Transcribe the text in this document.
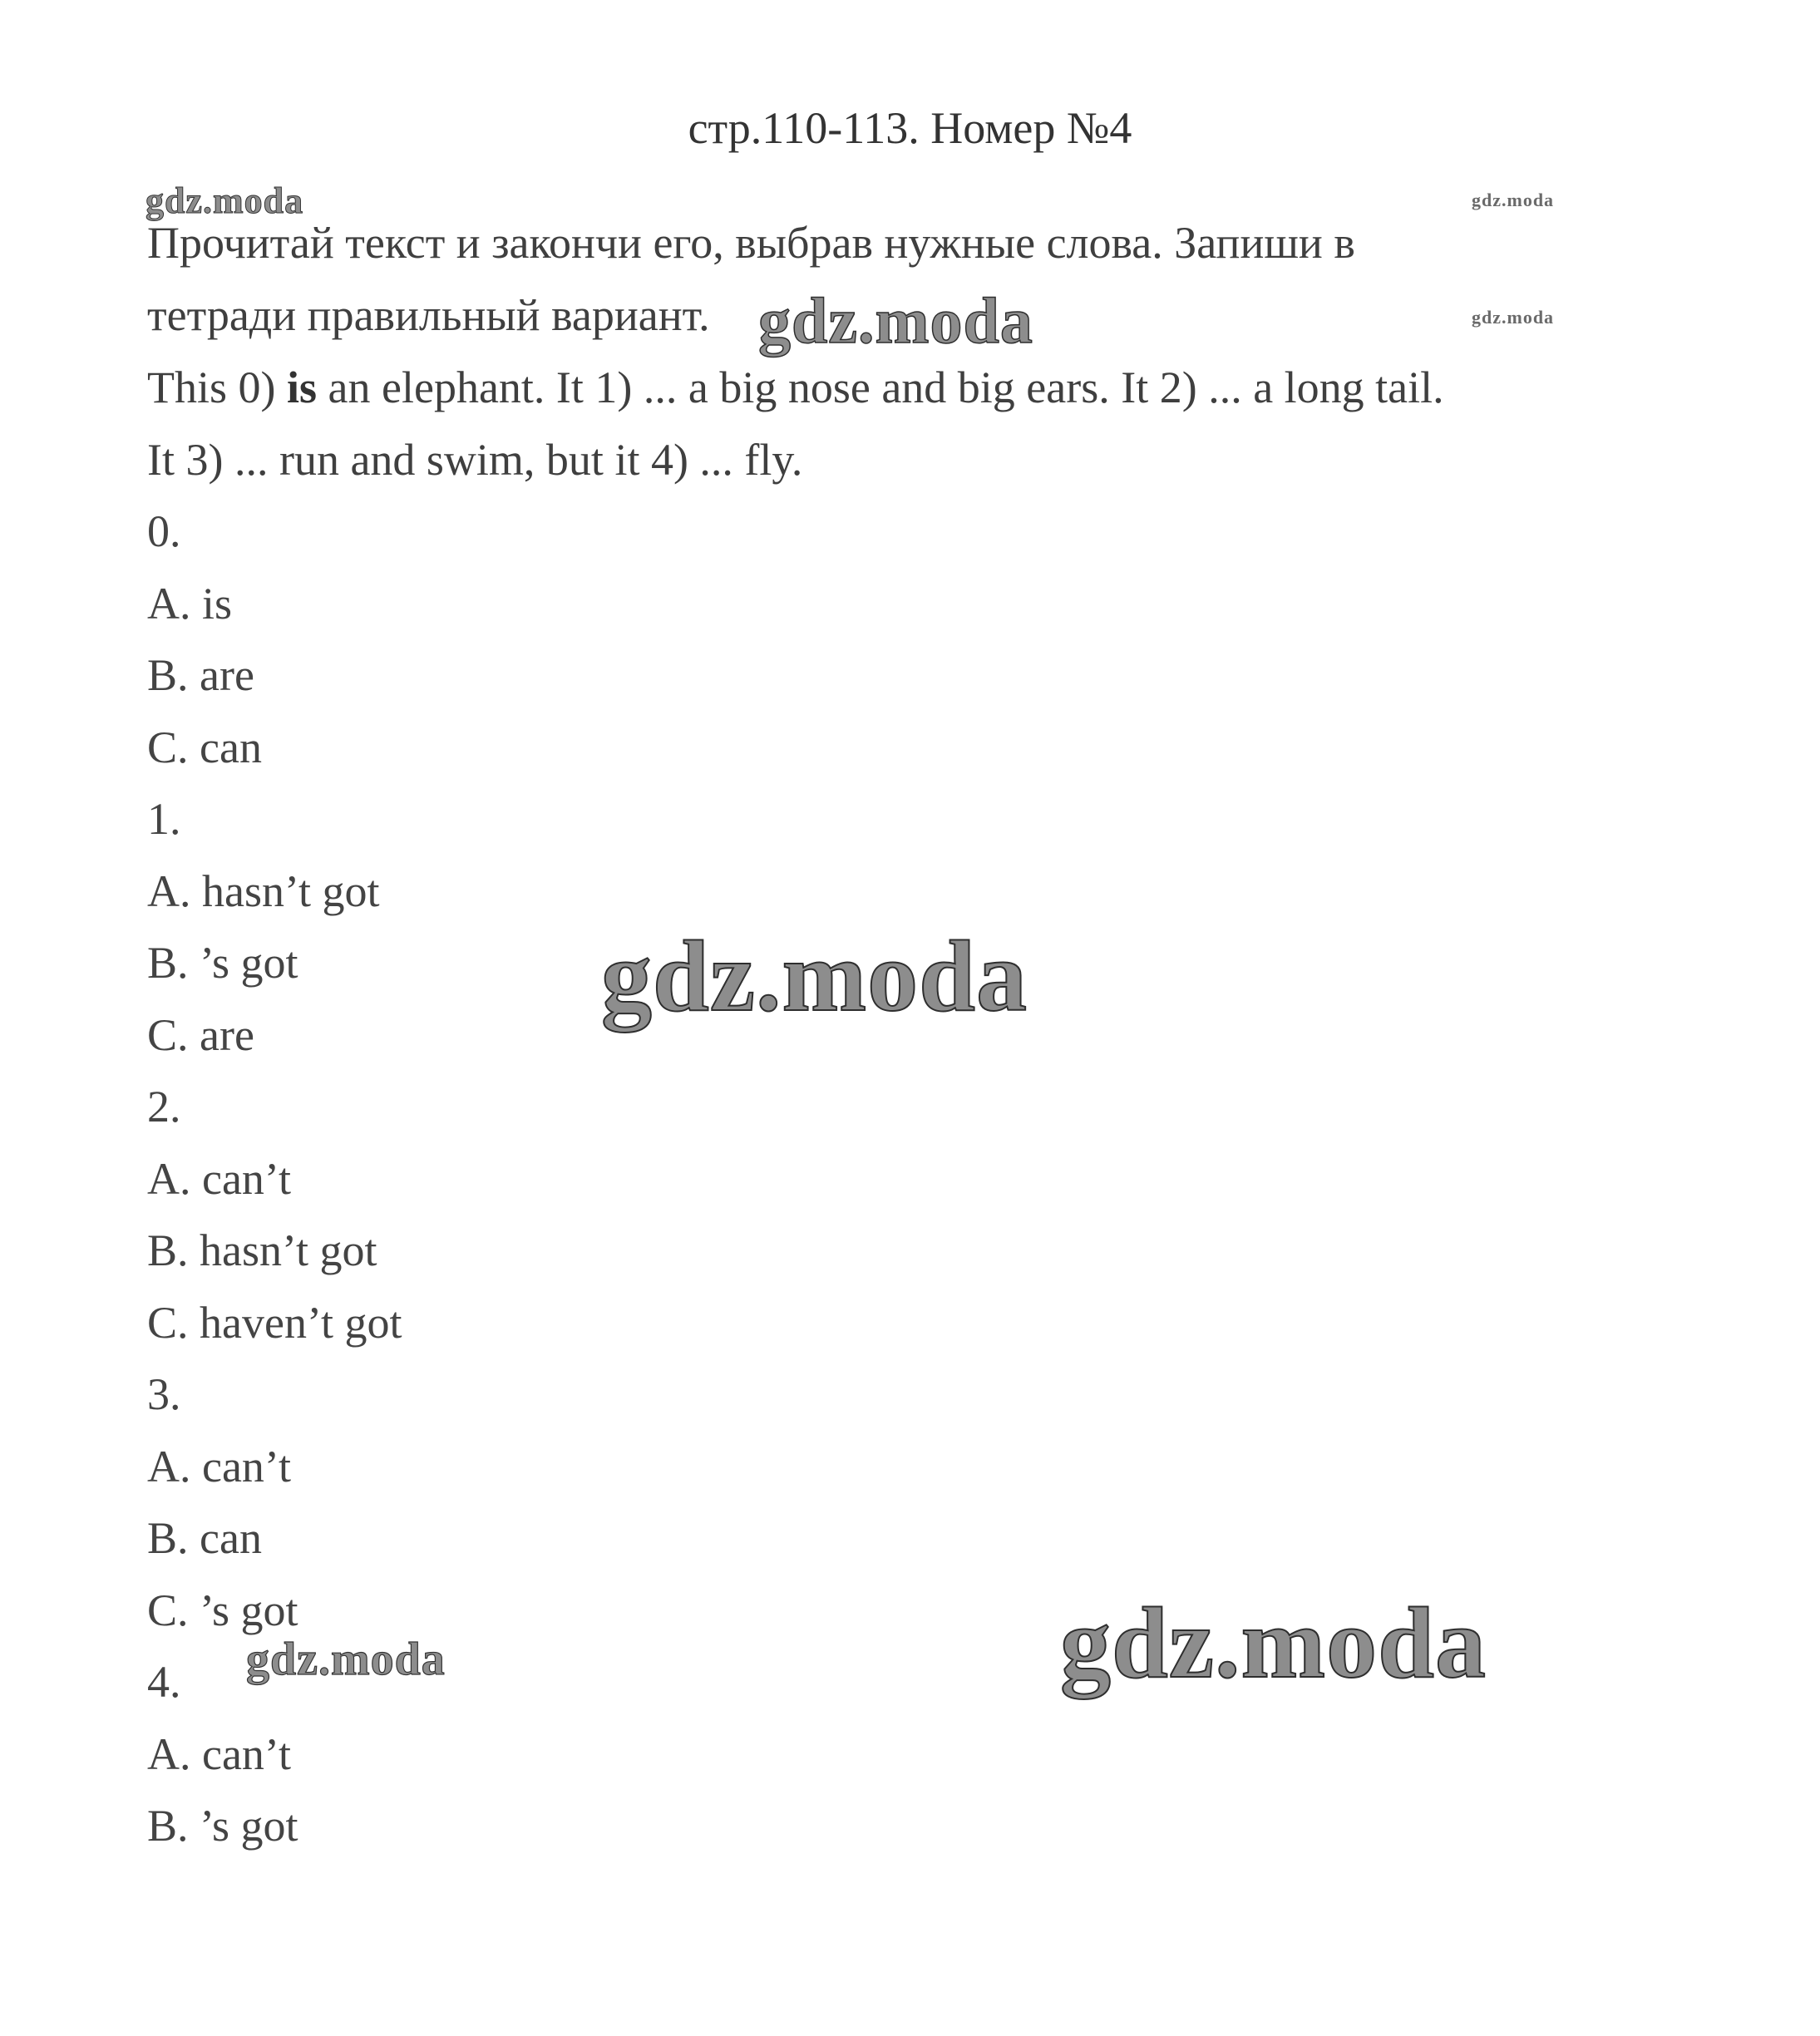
стр.110-113. Номер №4
gdz.moda	gdz.moda
gdz.moda
gdz.moda
gdz.moda
gdz.moda
gdz.moda
Прочитай текст и закончи его, выбрав нужные слова. Запиши в
тетради правильный вариант.
This 0) is an elephant. It 1) ... a big nose and big ears. It 2) ... a long tail.
It 3) ... run and swim, but it 4) ... fly.
0.
A. is
B. are
C. can
1.
A. hasn’t got
B. ’s got
C. are
2.
A. can’t
B. hasn’t got
C. haven’t got
3.
A. can’t
B. can
C. ’s got
4.
A. can’t
B. ’s got
